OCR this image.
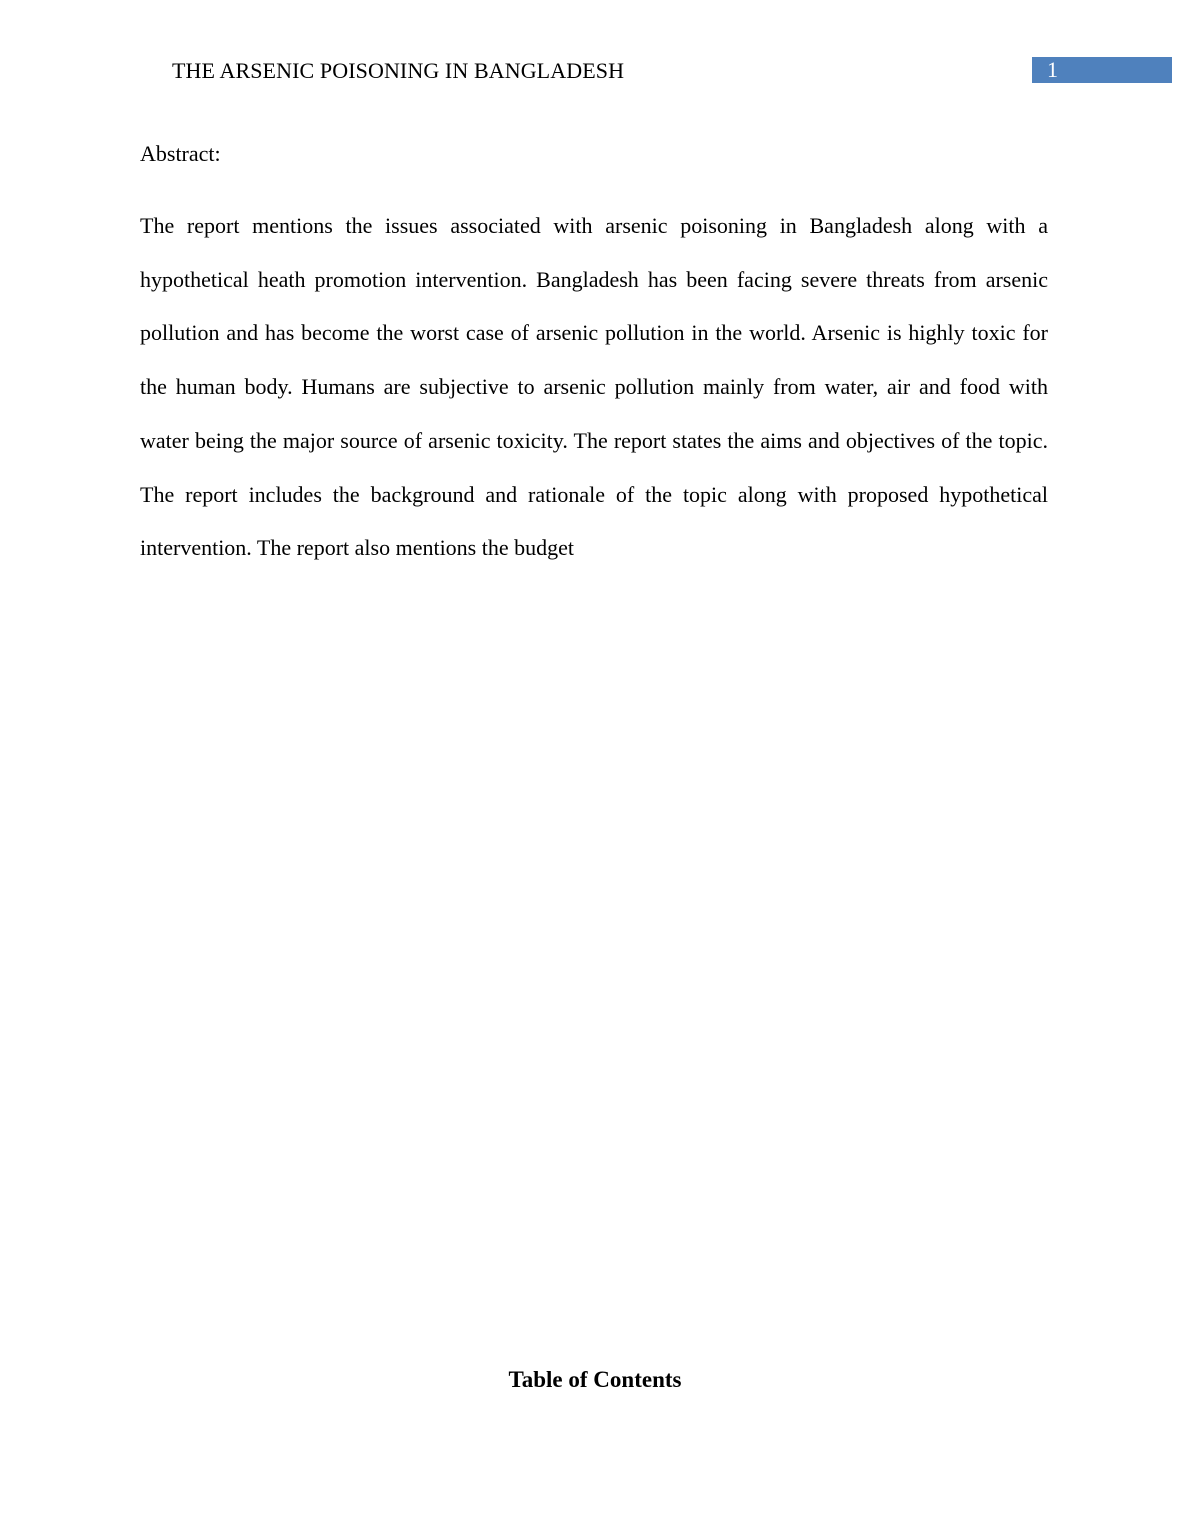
THE ARSENIC POISONING IN BANGLADESH	1
Abstract:

The report mentions the issues associated with arsenic poisoning in Bangladesh along with a hypothetical heath promotion intervention. Bangladesh has been facing severe threats from arsenic pollution and has become the worst case of arsenic pollution in the world. Arsenic is highly toxic for the human body. Humans are subjective to arsenic pollution mainly from water, air and food with water being the major source of arsenic toxicity. The report states the aims and objectives of the topic. The report includes the background and rationale of the topic along with proposed hypothetical intervention. The report also mentions the budget

Table of Contents
